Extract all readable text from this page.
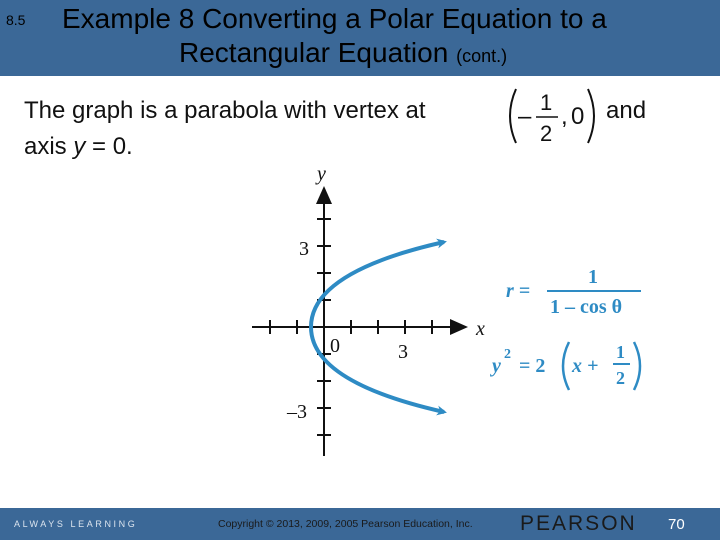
8.5 Example 8 Converting a Polar Equation to a
Rectangular Equation (cont.)
The graph is a parabola with vertex at	and
axis y = 0.
–
1
2
, 0
y
x
0	3
3
–3
r =
1
1 – cos θ
y
2
= 2 x +
1
2
ALWAYS LEARNING	Copyright © 2013, 2009, 2005 Pearson Education, Inc. PEARSON 70
